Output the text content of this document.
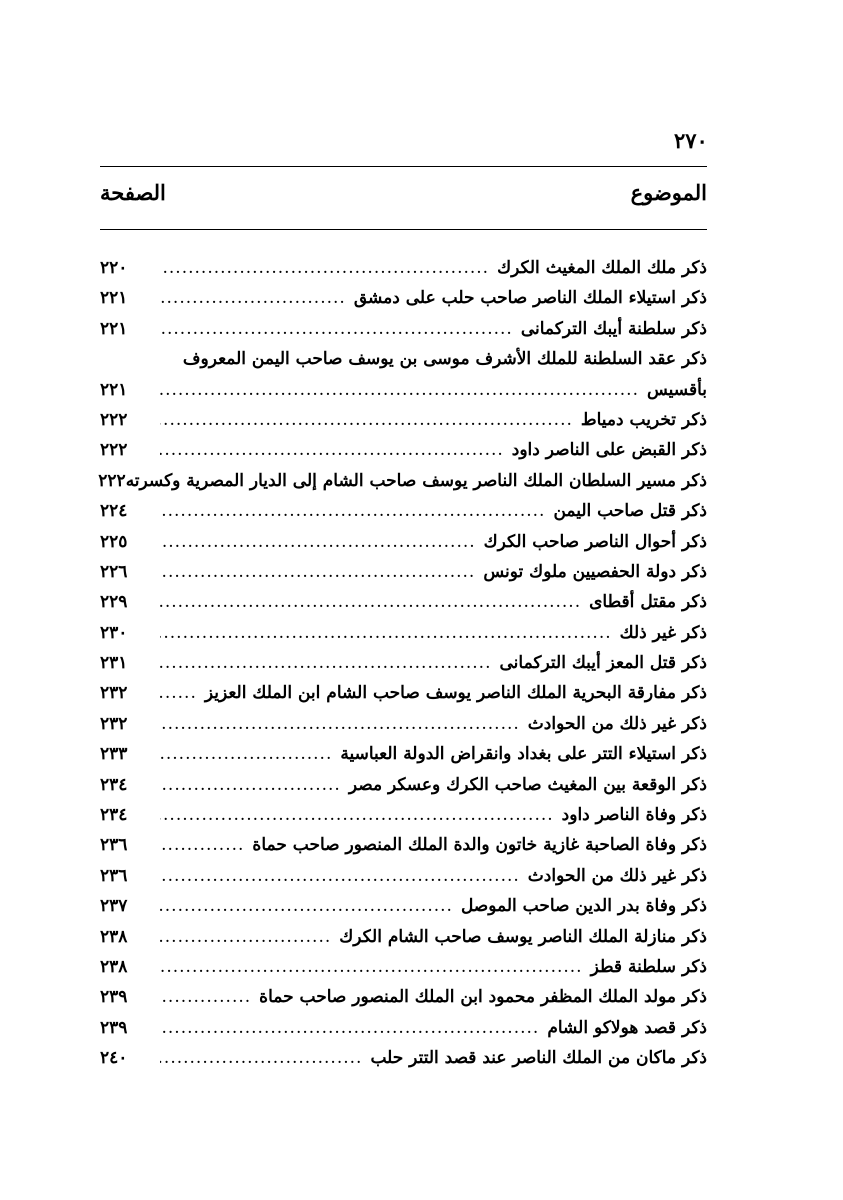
٢٧٠
الموضوع
الصفحة
ذكر ملك الملك المغيث الكرك
.....
٢٢٠
ذكر استيلاء الملك الناصر صاحب حلب على دمشق
.....
٢٢١
ذكر سلطنة أيبك التركمانى
.....
٢٢١
ذكر عقد السلطنة للملك الأشرف موسى بن يوسف صاحب اليمن المعروف
بأقسيس
.....
٢٢١
ذكر تخريب دمياط
.....
٢٢٢
ذكر القبض على الناصر داود
.....
٢٢٢
ذكر مسير السلطان الملك الناصر يوسف صاحب الشام إلى الديار المصرية وكسرته
٢٢٢
ذكر قتل صاحب اليمن
.....
٢٢٤
ذكر أحوال الناصر صاحب الكرك
.....
٢٢٥
ذكر دولة الحفصيين ملوك تونس
.....
٢٢٦
ذكر مقتل أقطاى
.....
٢٢٩
ذكر غير ذلك
.....
٢٣٠
ذكر قتل المعز أيبك التركمانى
.....
٢٣١
ذكر مفارقة البحرية الملك الناصر يوسف صاحب الشام ابن الملك العزيز
.....
٢٣٢
ذكر غير ذلك من الحوادث
.....
٢٣٢
ذكر استيلاء التتر على بغداد وانقراض الدولة العباسية
.....
٢٣٣
ذكر الوقعة بين المغيث صاحب الكرك وعسكر مصر
.....
٢٣٤
ذكر وفاة الناصر داود
.....
٢٣٤
ذكر وفاة الصاحبة غازية خاتون والدة الملك المنصور صاحب حماة
.....
٢٣٦
ذكر غير ذلك من الحوادث
.....
٢٣٦
ذكر وفاة بدر الدين صاحب الموصل
.....
٢٣٧
ذكر منازلة الملك الناصر يوسف صاحب الشام الكرك
.....
٢٣٨
ذكر سلطنة قطز
.....
٢٣٨
ذكر مولد الملك المظفر محمود ابن الملك المنصور صاحب حماة
.....
٢٣٩
ذكر قصد هولاكو الشام
.....
٢٣٩
ذكر ماكان من الملك الناصر عند قصد التتر حلب
.....
٢٤٠
